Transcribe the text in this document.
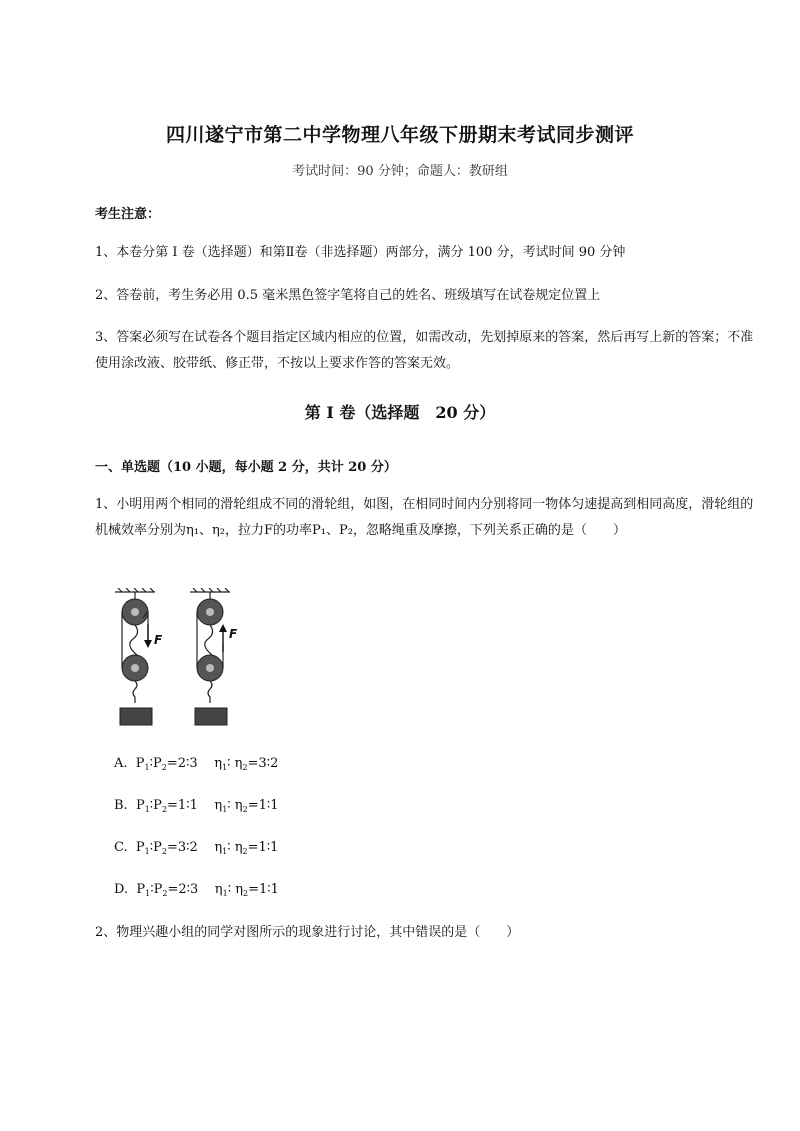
四川遂宁市第二中学物理八年级下册期末考试同步测评
考试时间：90 分钟；命题人：教研组
考生注意：
1、本卷分第 I 卷（选择题）和第Ⅱ卷（非选择题）两部分，满分 100 分，考试时间 90 分钟
2、答卷前，考生务必用 0.5 毫米黑色签字笔将自己的姓名、班级填写在试卷规定位置上
3、答案必须写在试卷各个题目指定区域内相应的位置，如需改动，先划掉原来的答案，然后再写上新的答案；不准使用涂改液、胶带纸、修正带，不按以上要求作答的答案无效。
第 I 卷（选择题　20 分）
一、单选题（10 小题，每小题 2 分，共计 20 分）
1、小明用两个相同的滑轮组成不同的滑轮组，如图，在相同时间内分别将同一物体匀速提高到相同高度，滑轮组的机械效率分别为η₁、η₂，拉力F的功率P₁、P₂，忽略绳重及摩擦，下列关系正确的是（　　）
F	F
A.  $P_1∶P_2=2∶3$    $\eta_1∶$ $\eta_2=3∶2$
B.  $P_1∶P_2=1∶1$    $\eta_1∶$ $\eta_2=1∶1$
C.  $P_1∶P_2=3∶2$    $\eta_1∶$ $\eta_2=1∶1$
D.  $P_1∶P_2=2∶3$    $\eta_1∶$ $\eta_2=1∶1$
2、物理兴趣小组的同学对图所示的现象进行讨论，其中错误的是（　　）
